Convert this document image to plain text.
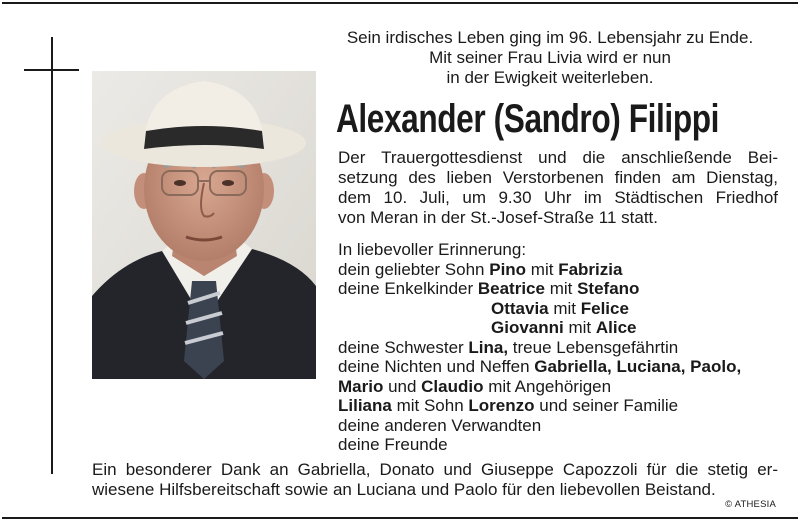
Sein irdisches Leben ging im 96. Lebensjahr zu Ende.

Mit seiner Frau Livia wird er nun

in der Ewigkeit weiterleben.

Alexander (Sandro) Filippi
Der Trauergottesdienst und die anschließende Bei-
setzung des lieben Verstorbenen finden am Dienstag,
dem 10. Juli, um 9.30 Uhr im Städtischen Friedhof
von Meran in der St.-Josef-Straße 11 statt.
In liebevoller Erinnerung:
dein geliebter Sohn Pino mit Fabrizia
deine Enkelkinder Beatrice mit Stefano
Ottavia mit Felice
Giovanni mit Alice
deine Schwester Lina, treue Lebensgefährtin
deine Nichten und Neffen Gabriella, Luciana, Paolo,
Mario und Claudio mit Angehörigen
Liliana mit Sohn Lorenzo und seiner Familie
deine anderen Verwandten
deine Freunde
Ein besonderer Dank an Gabriella, Donato und Giuseppe Capozzoli für die stetig er-
wiesene Hilfsbereitschaft sowie an Luciana und Paolo für den liebevollen Beistand.
© ATHESIA
